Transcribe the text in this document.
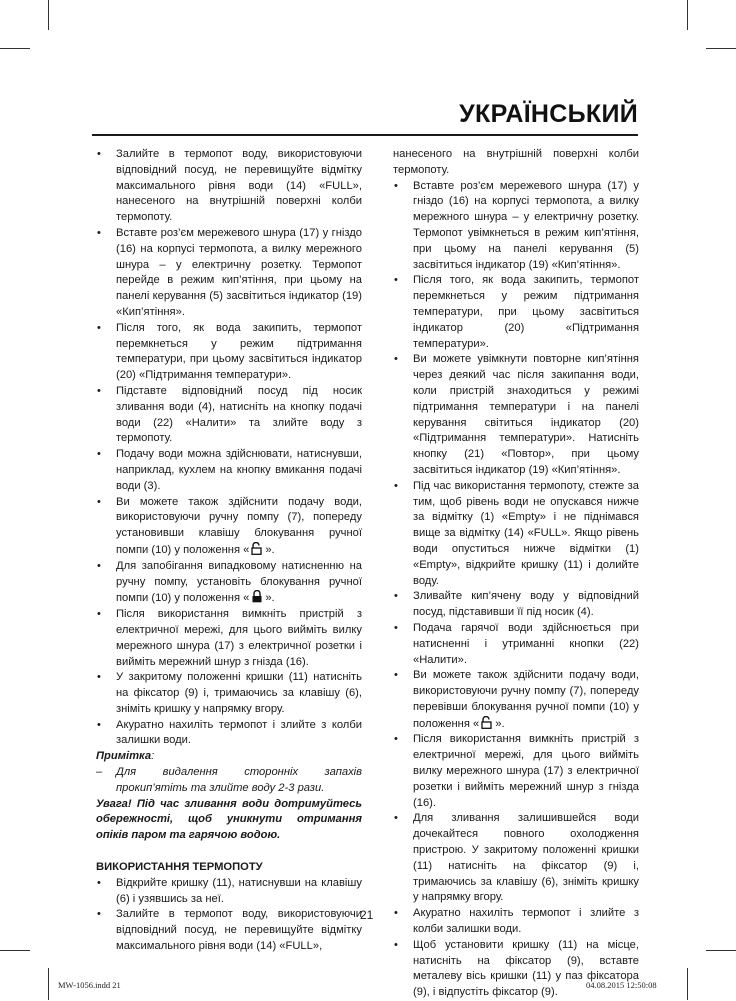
УКРАЇНСЬКИЙ
• Залийте в термопот воду, використовуючи відповідний посуд, не перевищуйте відмітку максимального рівня води (14) «FULL», нанесеного на внутрішній поверхні колби термопоту.
• Вставте роз’єм мережевого шнура (17) у гніздо (16) на корпусі термопота, а вилку мережного шнура – у електричну розетку. Термопот перейде в режим кип’ятіння, при цьому на панелі керування (5) засвітиться індикатор (19) «Кип’ятіння».
• Після того, як вода закипить, термопот перемкнеться у режим підтримання температури, при цьому засвітиться індикатор (20) «Підтримання температури».
• Підставте відповідний посуд під носик зливання води (4), натисніть на кнопку подачі води (22) «Налити» та злийте воду з термопоту.
• Подачу води можна здійснювати, натиснувши, наприклад, кухлем на кнопку вмикання подачі води (3).
• Ви можете також здійснити подачу води, використовуючи ручну помпу (7), попереду установивши клавішу блокування ручної помпи (10) у положення « ».
• Для запобігання випадковому натисненню на ручну помпу, установіть блокування ручної помпи (10) у положення « ».
• Після використання вимкніть пристрій з електричної мережі, для цього вийміть вилку мережного шнура (17) з електричної розетки і вийміть мережний шнур з гнізда (16).
• У закритому положенні кришки (11) натисніть на фіксатор (9) і, тримаючись за клавішу (6), зніміть кришку у напрямку вгору.
• Акуратно нахиліть термопот і злийте з колби залишки води.
Примітка:
– Для видалення сторонніх запахів прокип’ятіть та злийте воду 2-3 рази.
Увага! Під час зливання води дотримуйтесь обережності, щоб уникнути отримання опіків паром та гарячою водою.
ВИКОРИСТАННЯ ТЕРМОПОТУ
• Відкрийте кришку (11), натиснувши на клавішу (6) і узявшись за неї.
• Залийте в термопот воду, використовуючи відповідний посуд, не перевищуйте відмітку максимального рівня води (14) «FULL»,
нанесеного на внутрішній поверхні колби термопоту.
• Вставте роз’єм мережевого шнура (17) у гніздо (16) на корпусі термопота, а вилку мережного шнура – у електричну розетку. Термопот увімкнеться в режим кип’ятіння, при цьому на панелі керування (5) засвітиться індикатор (19) «Кип’ятіння».
• Після того, як вода закипить, термопот перемкнеться у режим підтримання температури, при цьому засвітиться індикатор (20) «Підтримання температури».
• Ви можете увімкнути повторне кип’ятіння через деякий час після закипання води, коли пристрій знаходиться у режимі підтримання температури і на панелі керування світиться індикатор (20) «Підтримання температури». Натисніть кнопку (21) «Повтор», при цьому засвітиться індикатор (19) «Кип’ятіння».
• Під час використання термопоту, стежте за тим, щоб рівень води не опускався нижче за відмітку (1) «Empty» і не піднімався вище за відмітку (14) «FULL». Якщо рівень води опуститься нижче відмітки (1) «Empty», відкрийте кришку (11) і долийте воду.
• Зливайте кип’ячену воду у відповідний посуд, підставивши її під носик (4).
• Подача гарячої води здійснюється при натисненні і утриманні кнопки (22) «Налити».
• Ви можете також здійснити подачу води, використовуючи ручну помпу (7), попереду перевівши блокування ручної помпи (10) у положення « ».
• Після використання вимкніть пристрій з електричної мережі, для цього вийміть вилку мережного шнура (17) з електричної розетки і вийміть мережний шнур з гнізда (16).
• Для зливання залишившейся води дочекайтеся повного охолодження пристрою. У закритому положенні кришки (11) натисніть на фіксатор (9) і, тримаючись за клавішу (6), зніміть кришку у напрямку вгору.
• Акуратно нахиліть термопот і злийте з колби залишки води.
• Щоб установити кришку (11) на місце, натисніть на фіксатор (9), вставте металеву вісь кришки (11) у паз фіксатора (9), і відпустіть фіксатор (9).
21
MW-1056.indd 21	04.08.2015 12:50:08
